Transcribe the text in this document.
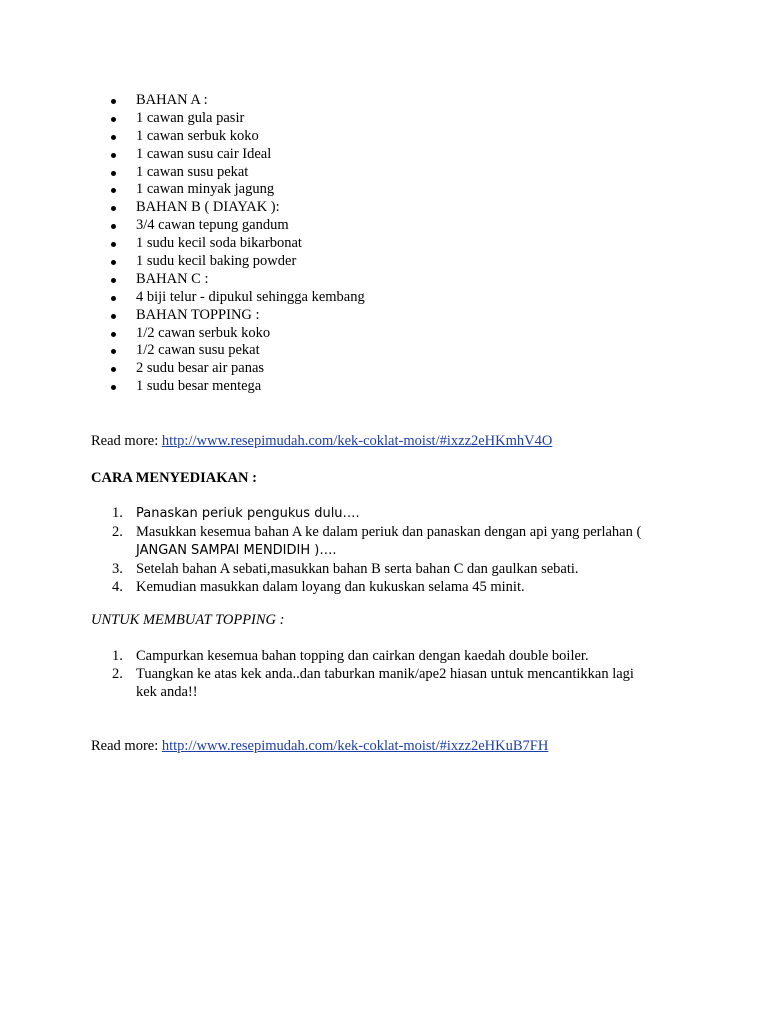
BAHAN A :
1 cawan gula pasir
1 cawan serbuk koko
1 cawan susu cair Ideal
1 cawan susu pekat
1 cawan minyak jagung
BAHAN B ( DIAYAK ):
3/4 cawan tepung gandum
1 sudu kecil soda bikarbonat
1 sudu kecil baking powder
BAHAN C :
4 biji telur - dipukul sehingga kembang
BAHAN TOPPING :
1/2 cawan serbuk koko
1/2 cawan susu pekat
2 sudu besar air panas
1 sudu besar mentega

Read more: http://www.resepimudah.com/kek-coklat-moist/#ixzz2eHKmhV4O

CARA MENYEDIAKAN :

1. Panaskan periuk pengukus dulu….
2. Masukkan kesemua bahan A ke dalam periuk dan panaskan dengan api yang perlahan (
JANGAN SAMPAI MENDIDIH )….
3. Setelah bahan A sebati,masukkan bahan B serta bahan C dan gaulkan sebati.
4. Kemudian masukkan dalam loyang dan kukuskan selama 45 minit.

UNTUK MEMBUAT TOPPING :

1. Campurkan kesemua bahan topping dan cairkan dengan kaedah double boiler.
2. Tuangkan ke atas kek anda..dan taburkan manik/ape2 hiasan untuk mencantikkan lagi
kek anda!!

Read more: http://www.resepimudah.com/kek-coklat-moist/#ixzz2eHKuB7FH
